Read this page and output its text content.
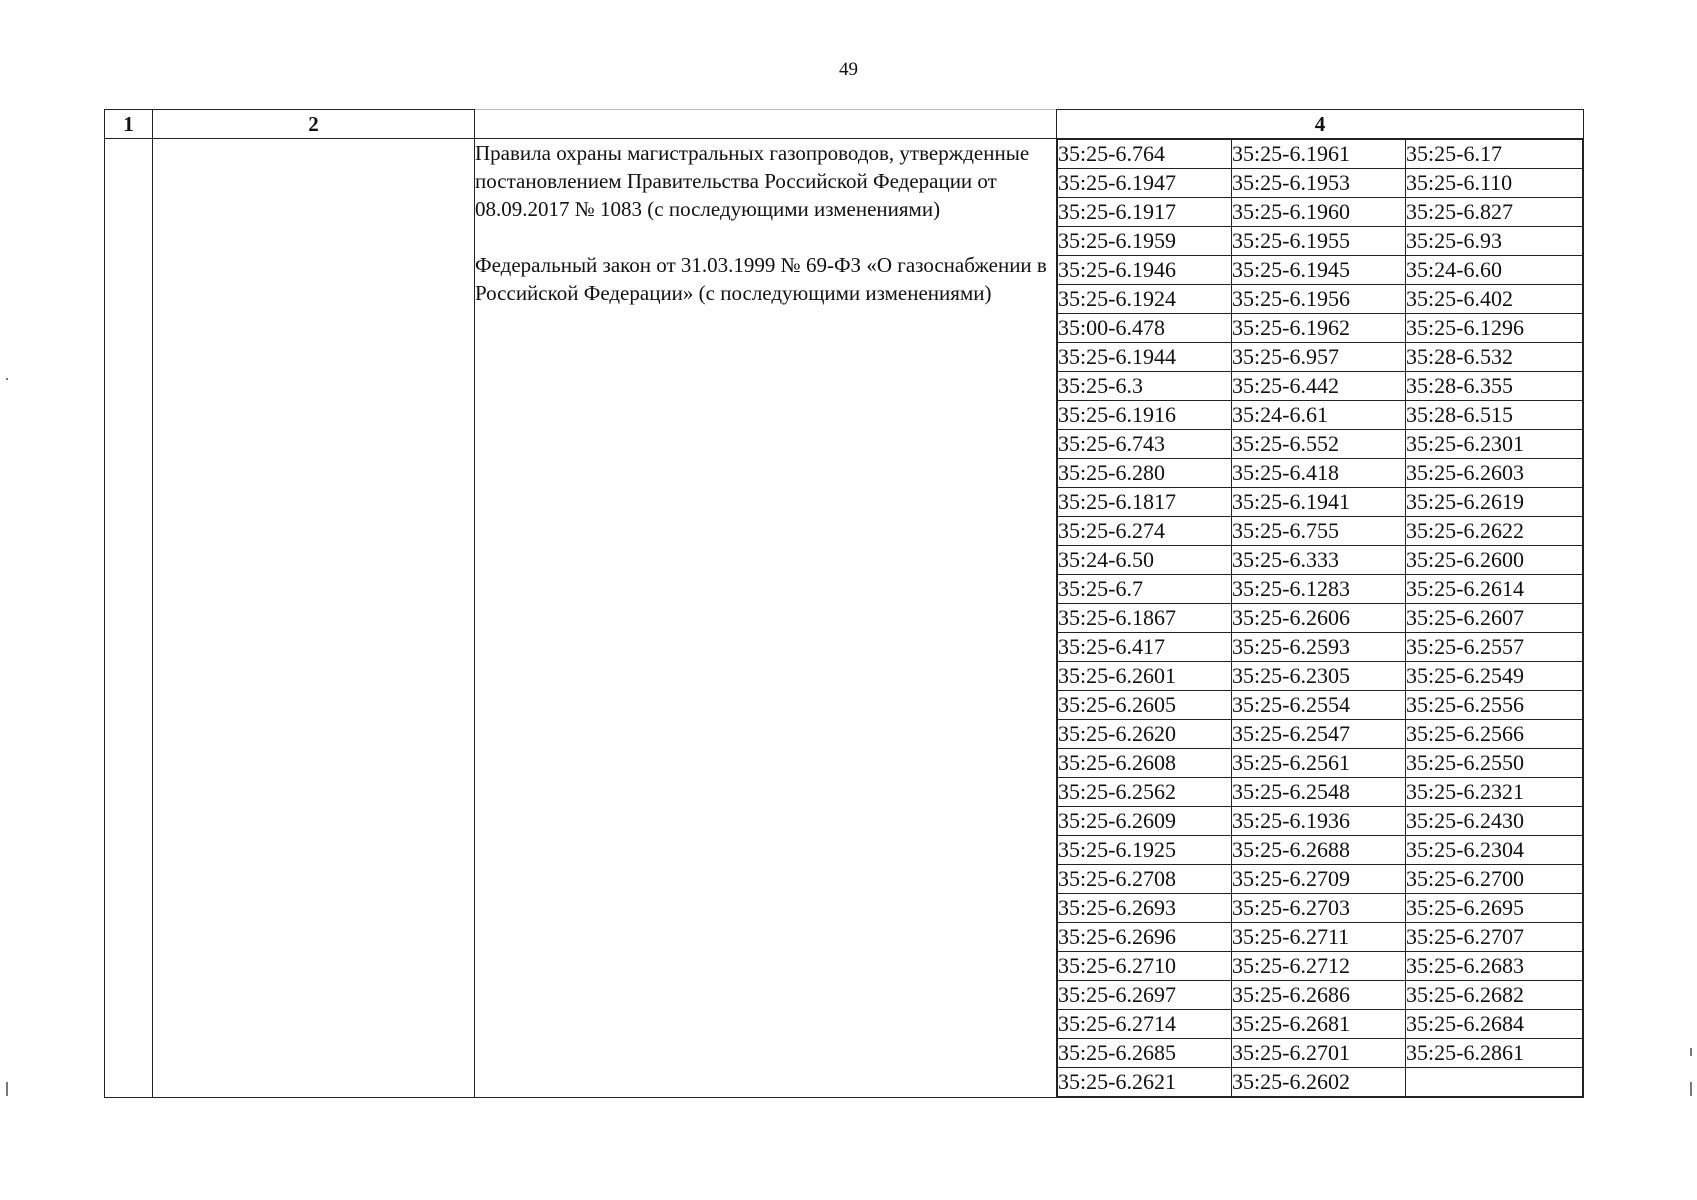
49
1	2		4

Правила охраны магистральных газопроводов, утвержденные постановлением Правительства Российской Федерации от 08.09.2017 № 1083 (с последующими изменениями)

Федеральный закон от 31.03.1999 № 69-ФЗ «О газоснабжении в Российской Федерации» (с последующими изменениями)

35:25-6.764	35:25-6.1961	35:25-6.17
35:25-6.1947	35:25-6.1953	35:25-6.110
35:25-6.1917	35:25-6.1960	35:25-6.827
35:25-6.1959	35:25-6.1955	35:25-6.93
35:25-6.1946	35:25-6.1945	35:24-6.60
35:25-6.1924	35:25-6.1956	35:25-6.402
35:00-6.478	35:25-6.1962	35:25-6.1296
35:25-6.1944	35:25-6.957	35:28-6.532
35:25-6.3	35:25-6.442	35:28-6.355
35:25-6.1916	35:24-6.61	35:28-6.515
35:25-6.743	35:25-6.552	35:25-6.2301
35:25-6.280	35:25-6.418	35:25-6.2603
35:25-6.1817	35:25-6.1941	35:25-6.2619
35:25-6.274	35:25-6.755	35:25-6.2622
35:24-6.50	35:25-6.333	35:25-6.2600
35:25-6.7	35:25-6.1283	35:25-6.2614
35:25-6.1867	35:25-6.2606	35:25-6.2607
35:25-6.417	35:25-6.2593	35:25-6.2557
35:25-6.2601	35:25-6.2305	35:25-6.2549
35:25-6.2605	35:25-6.2554	35:25-6.2556
35:25-6.2620	35:25-6.2547	35:25-6.2566
35:25-6.2608	35:25-6.2561	35:25-6.2550
35:25-6.2562	35:25-6.2548	35:25-6.2321
35:25-6.2609	35:25-6.1936	35:25-6.2430
35:25-6.1925	35:25-6.2688	35:25-6.2304
35:25-6.2708	35:25-6.2709	35:25-6.2700
35:25-6.2693	35:25-6.2703	35:25-6.2695
35:25-6.2696	35:25-6.2711	35:25-6.2707
35:25-6.2710	35:25-6.2712	35:25-6.2683
35:25-6.2697	35:25-6.2686	35:25-6.2682
35:25-6.2714	35:25-6.2681	35:25-6.2684
35:25-6.2685	35:25-6.2701	35:25-6.2861
35:25-6.2621	35:25-6.2602	
